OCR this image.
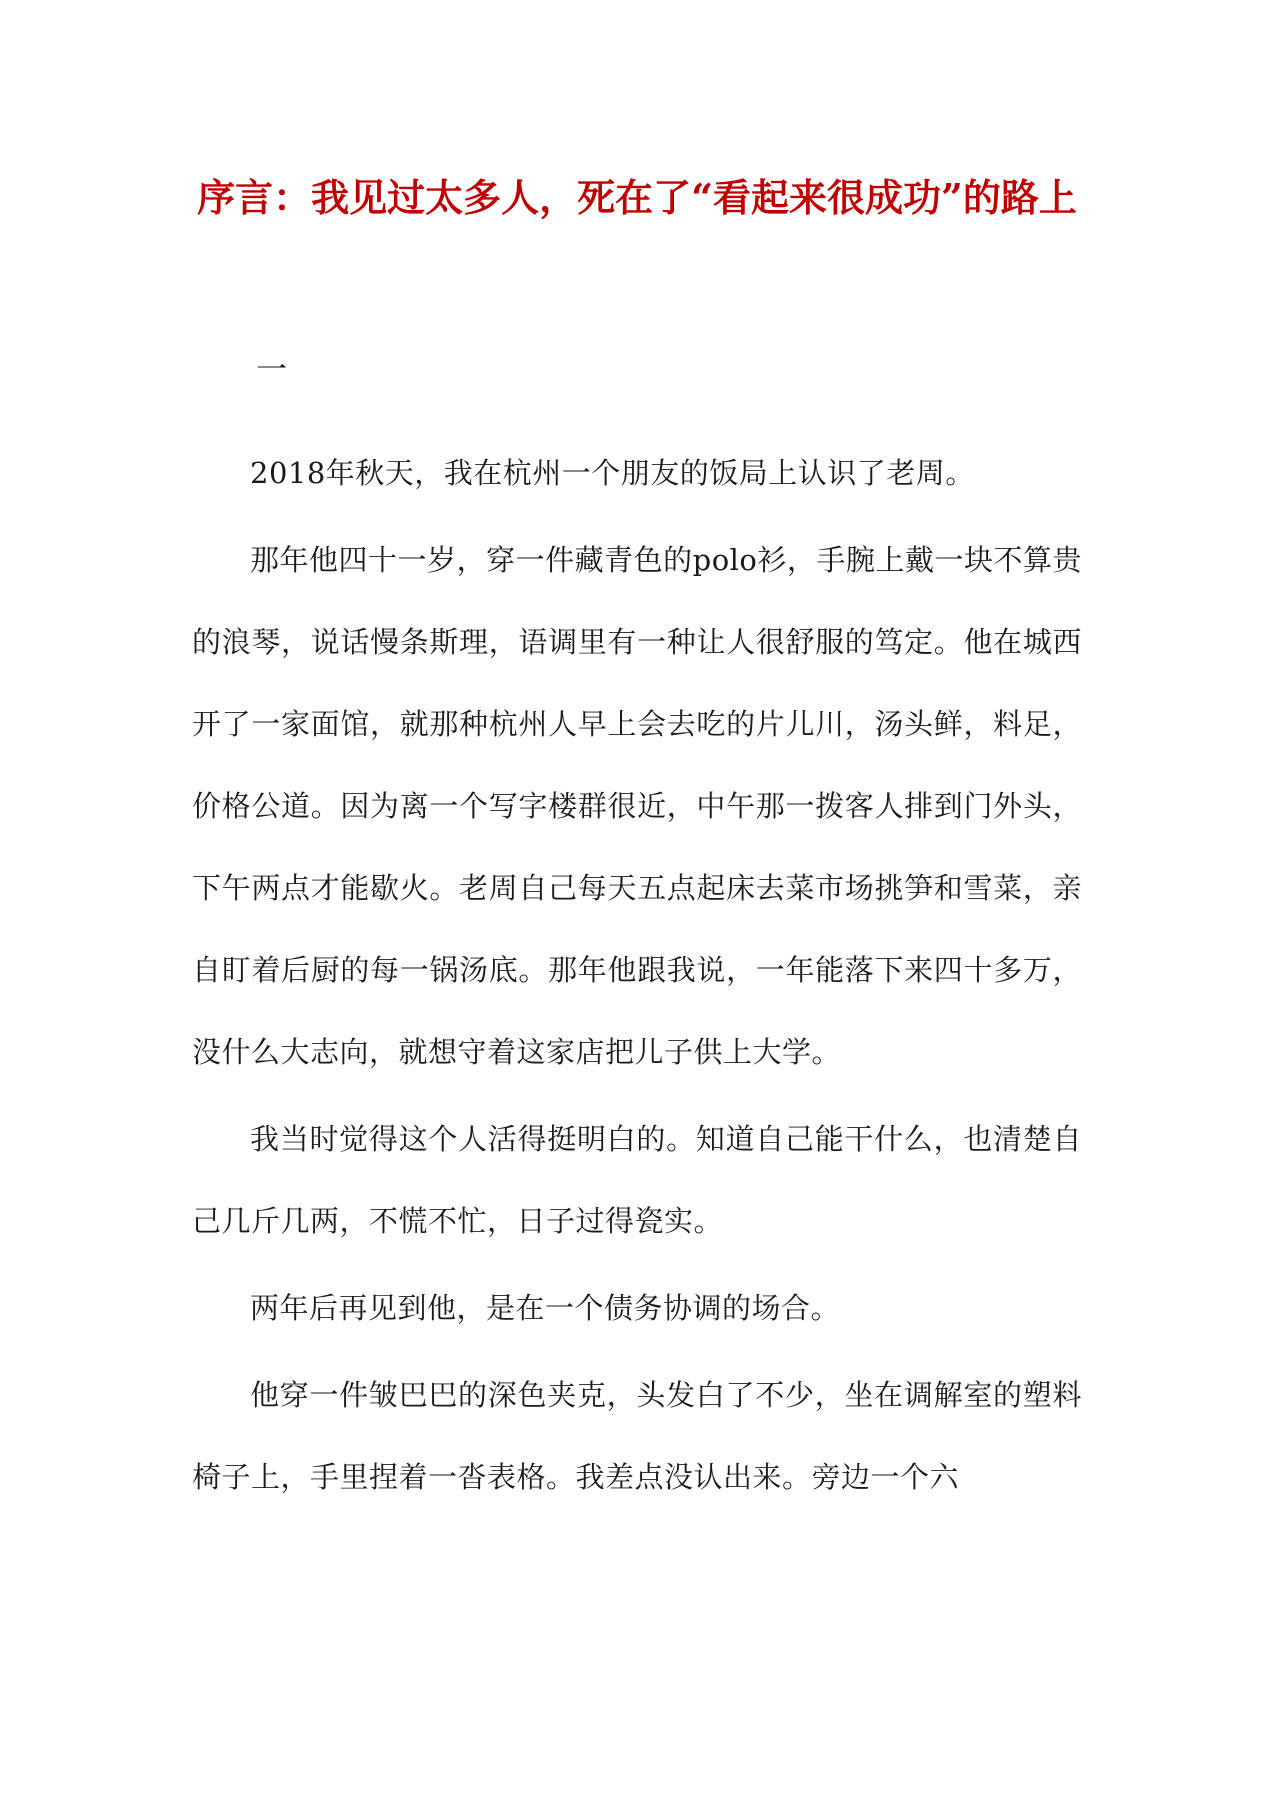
序言：我见过太多人，死在了“看起来很成功”的路上

一

2018年秋天，我在杭州一个朋友的饭局上认识了老周。

那年他四十一岁，穿一件藏青色的polo衫，手腕上戴一块不算贵的浪琴，说话慢条斯理，语调里有一种让人很舒服的笃定。他在城西开了一家面馆，就那种杭州人早上会去吃的片儿川，汤头鲜，料足，价格公道。因为离一个写字楼群很近，中午那一拨客人排到门外头，下午两点才能歇火。老周自己每天五点起床去菜市场挑笋和雪菜，亲自盯着后厨的每一锅汤底。那年他跟我说，一年能落下来四十多万，没什么大志向，就想守着这家店把儿子供上大学。

我当时觉得这个人活得挺明白的。知道自己能干什么，也清楚自己几斤几两，不慌不忙，日子过得瓷实。

两年后再见到他，是在一个债务协调的场合。

他穿一件皱巴巴的深色夹克，头发白了不少，坐在调解室的塑料椅子上，手里捏着一沓表格。我差点没认出来。旁边一个六
